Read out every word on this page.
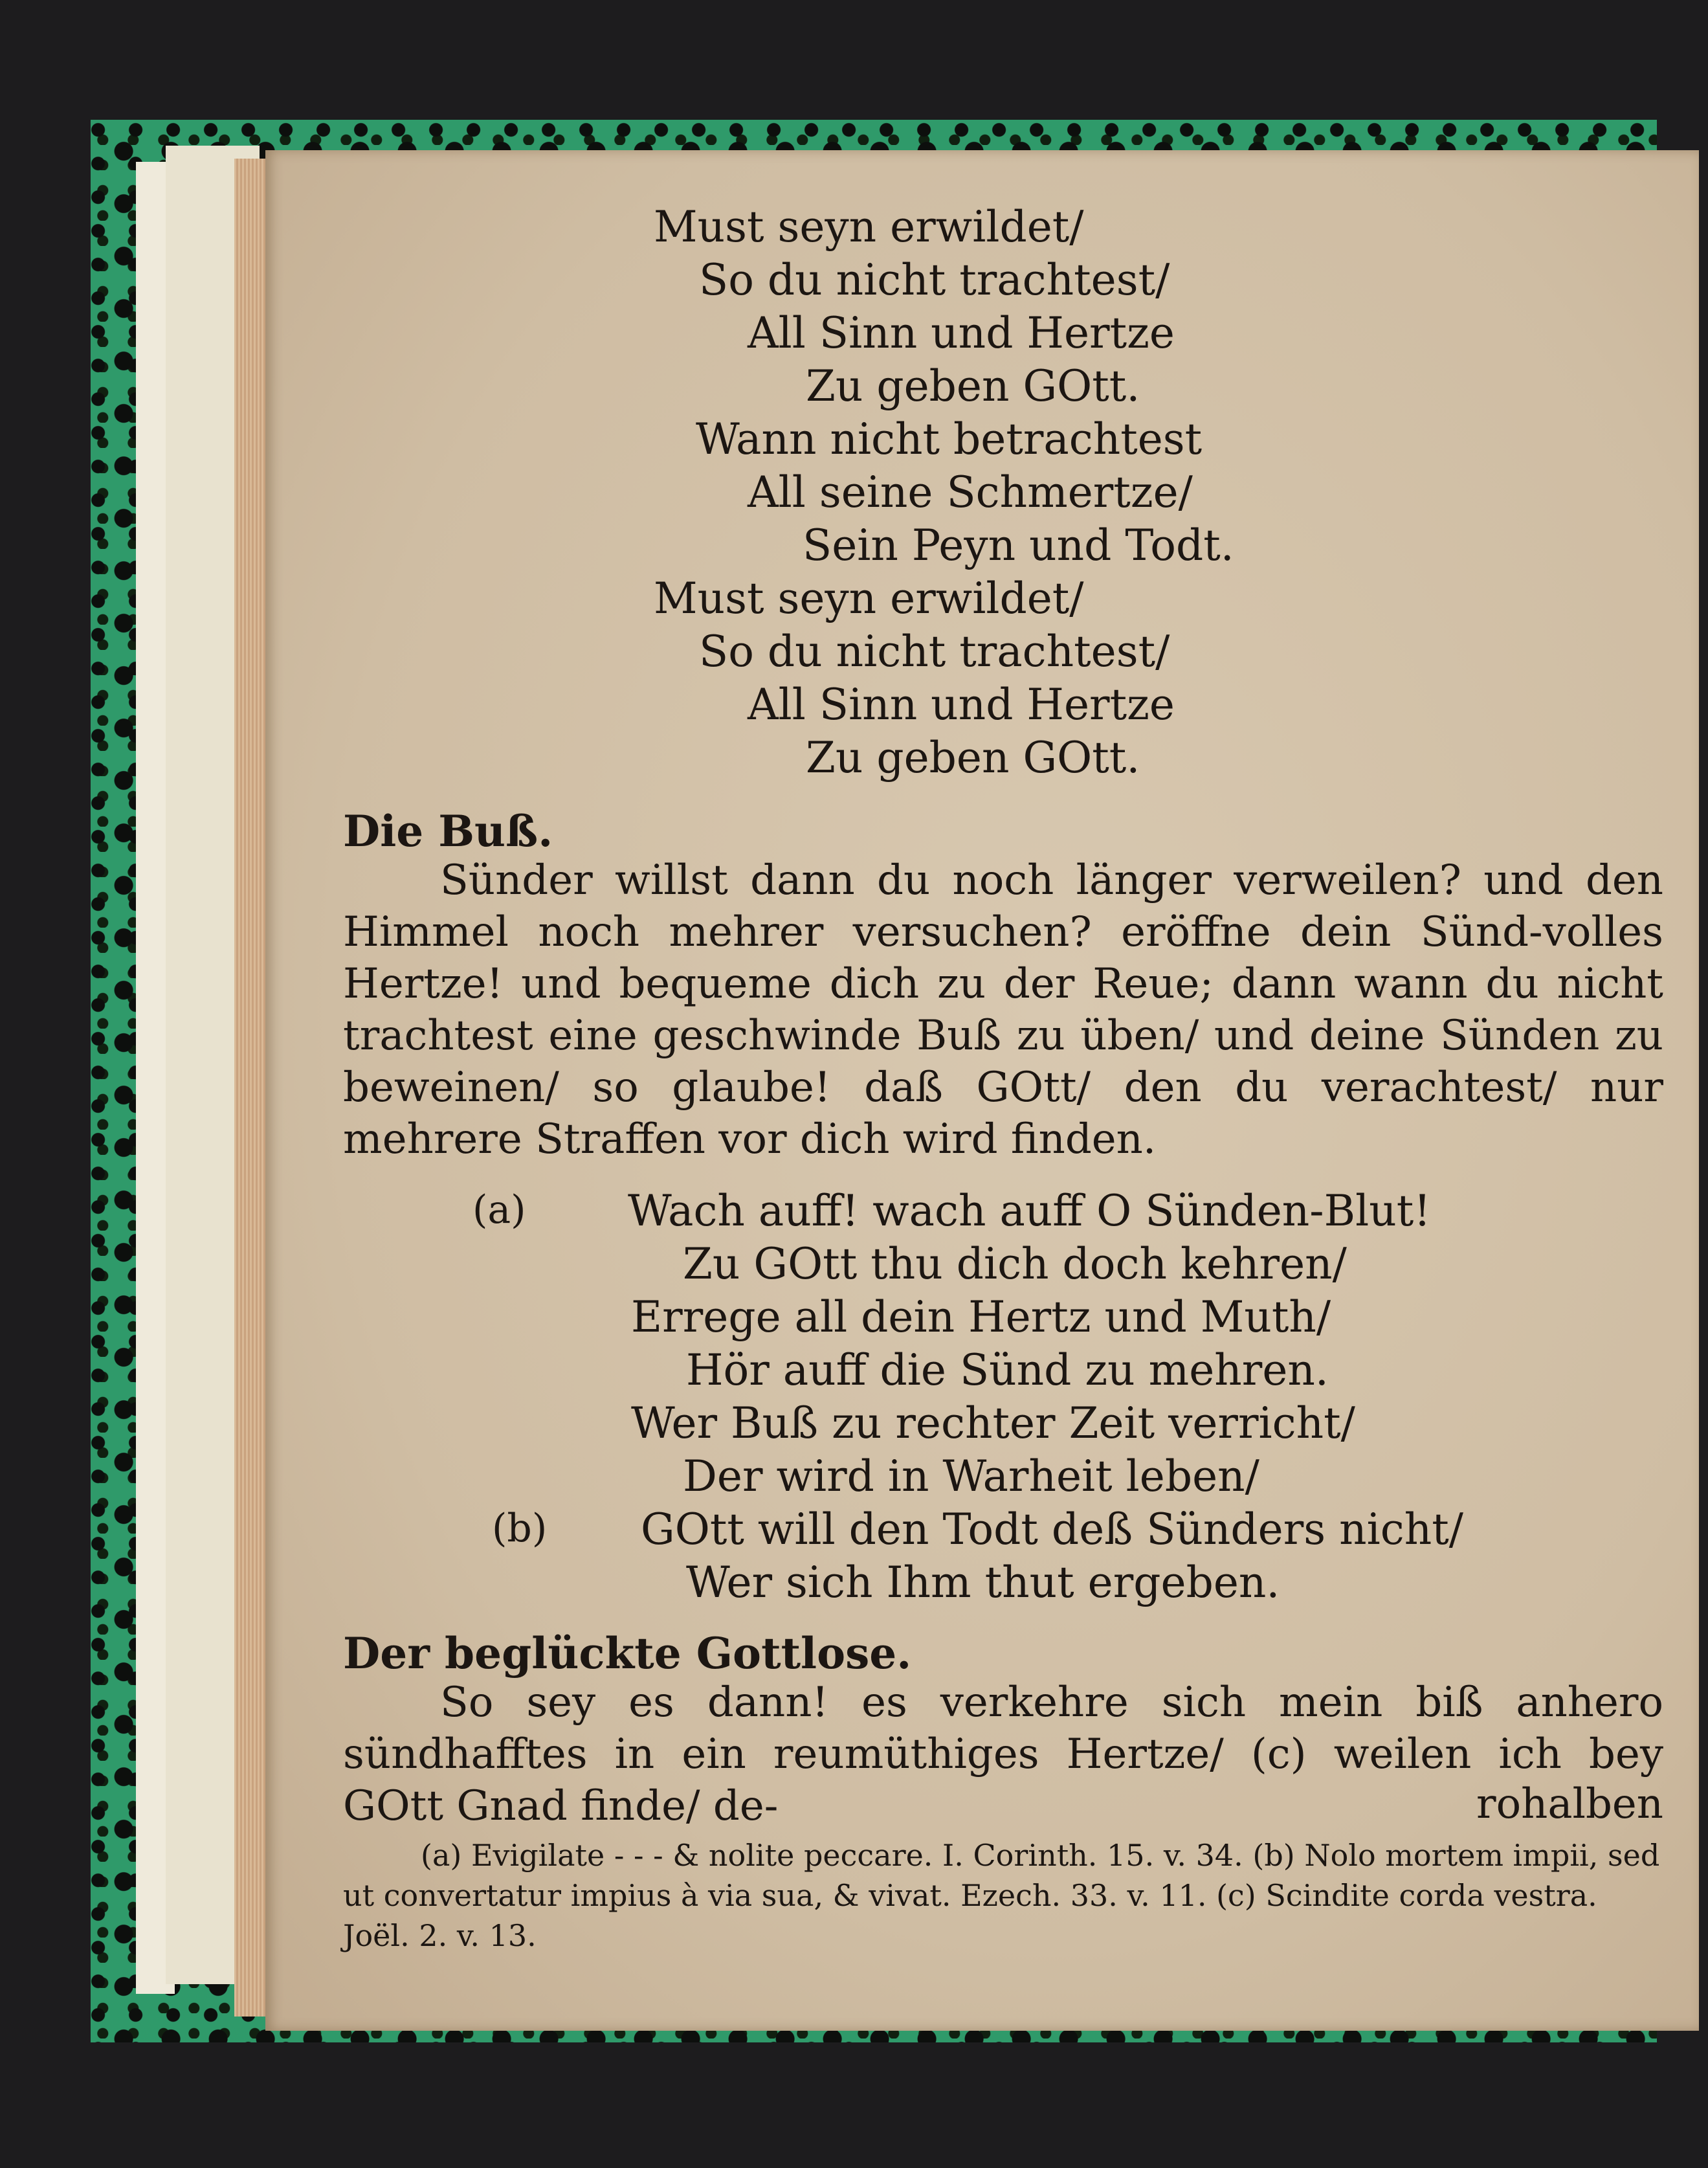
Must seyn erwildet/
So du nicht trachtest/
All Sinn und Hertze
Zu geben GOtt.
Wann nicht betrachtest
All seine Schmertze/
Sein Peyn und Todt.
Must seyn erwildet/
So du nicht trachtest/
All Sinn und Hertze
Zu geben GOtt.
Die Buß.
Sünder willst dann du noch länger verweilen? und den Himmel noch mehrer versuchen? eröffne dein Sünd-volles Hertze! und bequeme dich zu der Reue; dann wann du nicht trachtest eine geschwinde Buß zu üben/ und deine Sünden zu beweinen/ so glaube! daß GOtt/ den du verachtest/ nur mehrere Straffen vor dich wird finden.
(a) Wach auff! wach auff O Sünden-Blut!
Zu GOtt thu dich doch kehren/
Errege all dein Hertz und Muth/
Hör auff die Sünd zu mehren.
Wer Buß zu rechter Zeit verricht/
Der wird in Warheit leben/
(b) GOtt will den Todt deß Sünders nicht/
Wer sich Ihm thut ergeben.
Der beglückte Gottlose.
So sey es dann! es verkehre sich mein biß anhero sündhafftes in ein reumüthiges Hertze/ (c) weilen ich bey GOtt Gnad finde/ de-	rohalben
(a) Evigilate - - - & nolite peccare. I. Corinth. 15. v. 34. (b) Nolo mortem impii, sed ut convertatur impius à via sua, & vivat. Ezech. 33. v. 11. (c) Scindite corda vestra. Joël. 2. v. 13.
